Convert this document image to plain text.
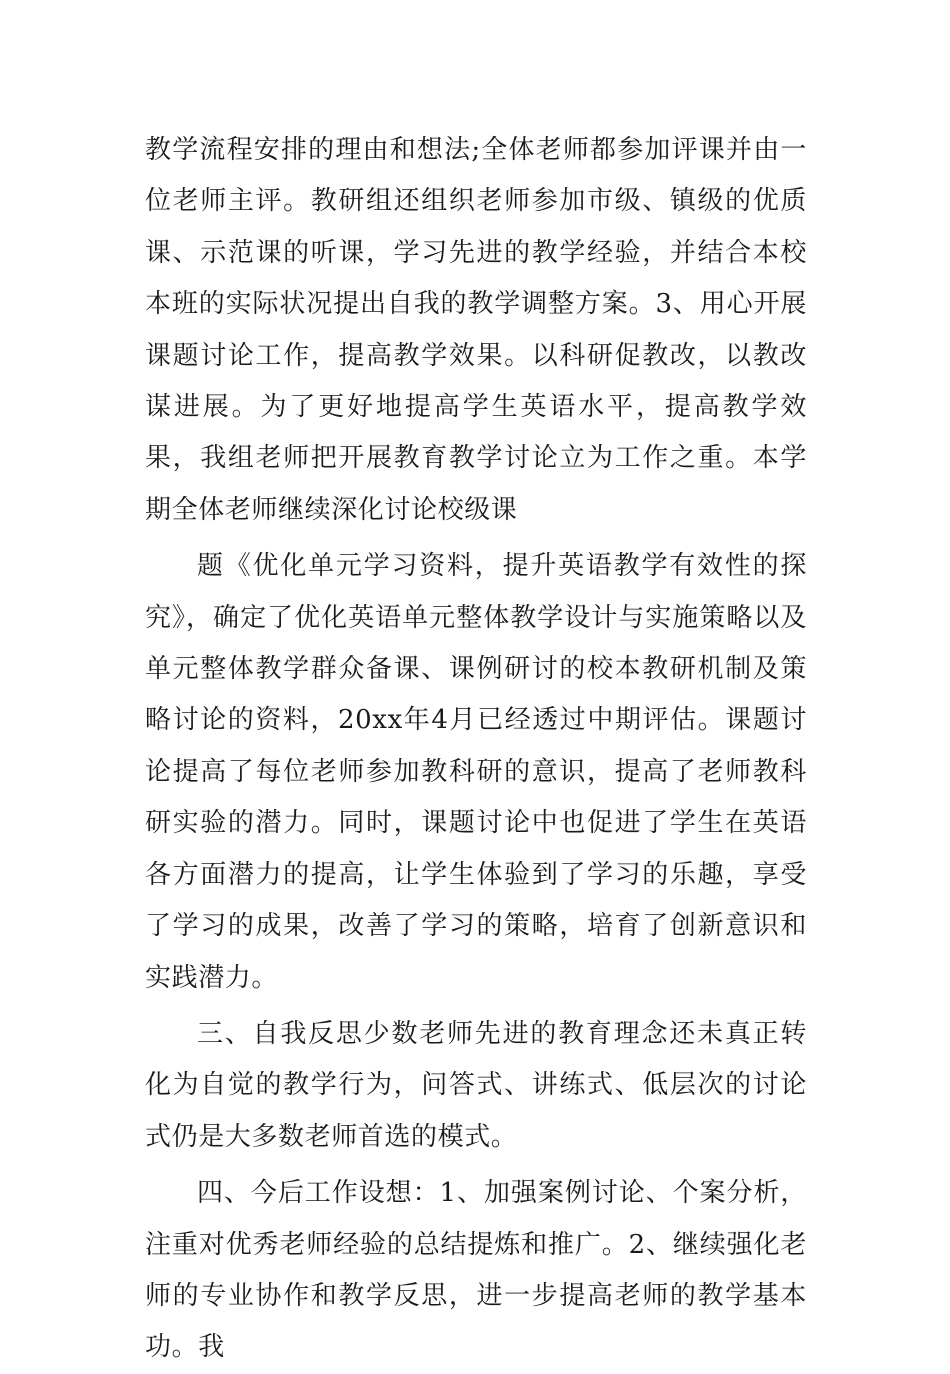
教学流程安排的理由和想法;全体老师都参加评课并由一位老师主评。教研组还组织老师参加市级、镇级的优质课、示范课的听课，学习先进的教学经验，并结合本校本班的实际状况提出自我的教学调整方案。3、用心开展课题讨论工作，提高教学效果。以科研促教改，以教改谋进展。为了更好地提高学生英语水平，提高教学效果，我组老师把开展教育教学讨论立为工作之重。本学期全体老师继续深化讨论校级课

题《优化单元学习资料，提升英语教学有效性的探究》，确定了优化英语单元整体教学设计与实施策略以及单元整体教学群众备课、课例研讨的校本教研机制及策略讨论的资料，20xx年4月已经透过中期评估。课题讨论提高了每位老师参加教科研的意识，提高了老师教科研实验的潜力。同时，课题讨论中也促进了学生在英语各方面潜力的提高，让学生体验到了学习的乐趣，享受了学习的成果，改善了学习的策略，培育了创新意识和实践潜力。

三、自我反思少数老师先进的教育理念还未真正转化为自觉的教学行为，问答式、讲练式、低层次的讨论式仍是大多数老师首选的模式。

四、今后工作设想：1、加强案例讨论、个案分析，注重对优秀老师经验的总结提炼和推广。2、继续强化老师的专业协作和教学反思，进一步提高老师的教学基本功。我
